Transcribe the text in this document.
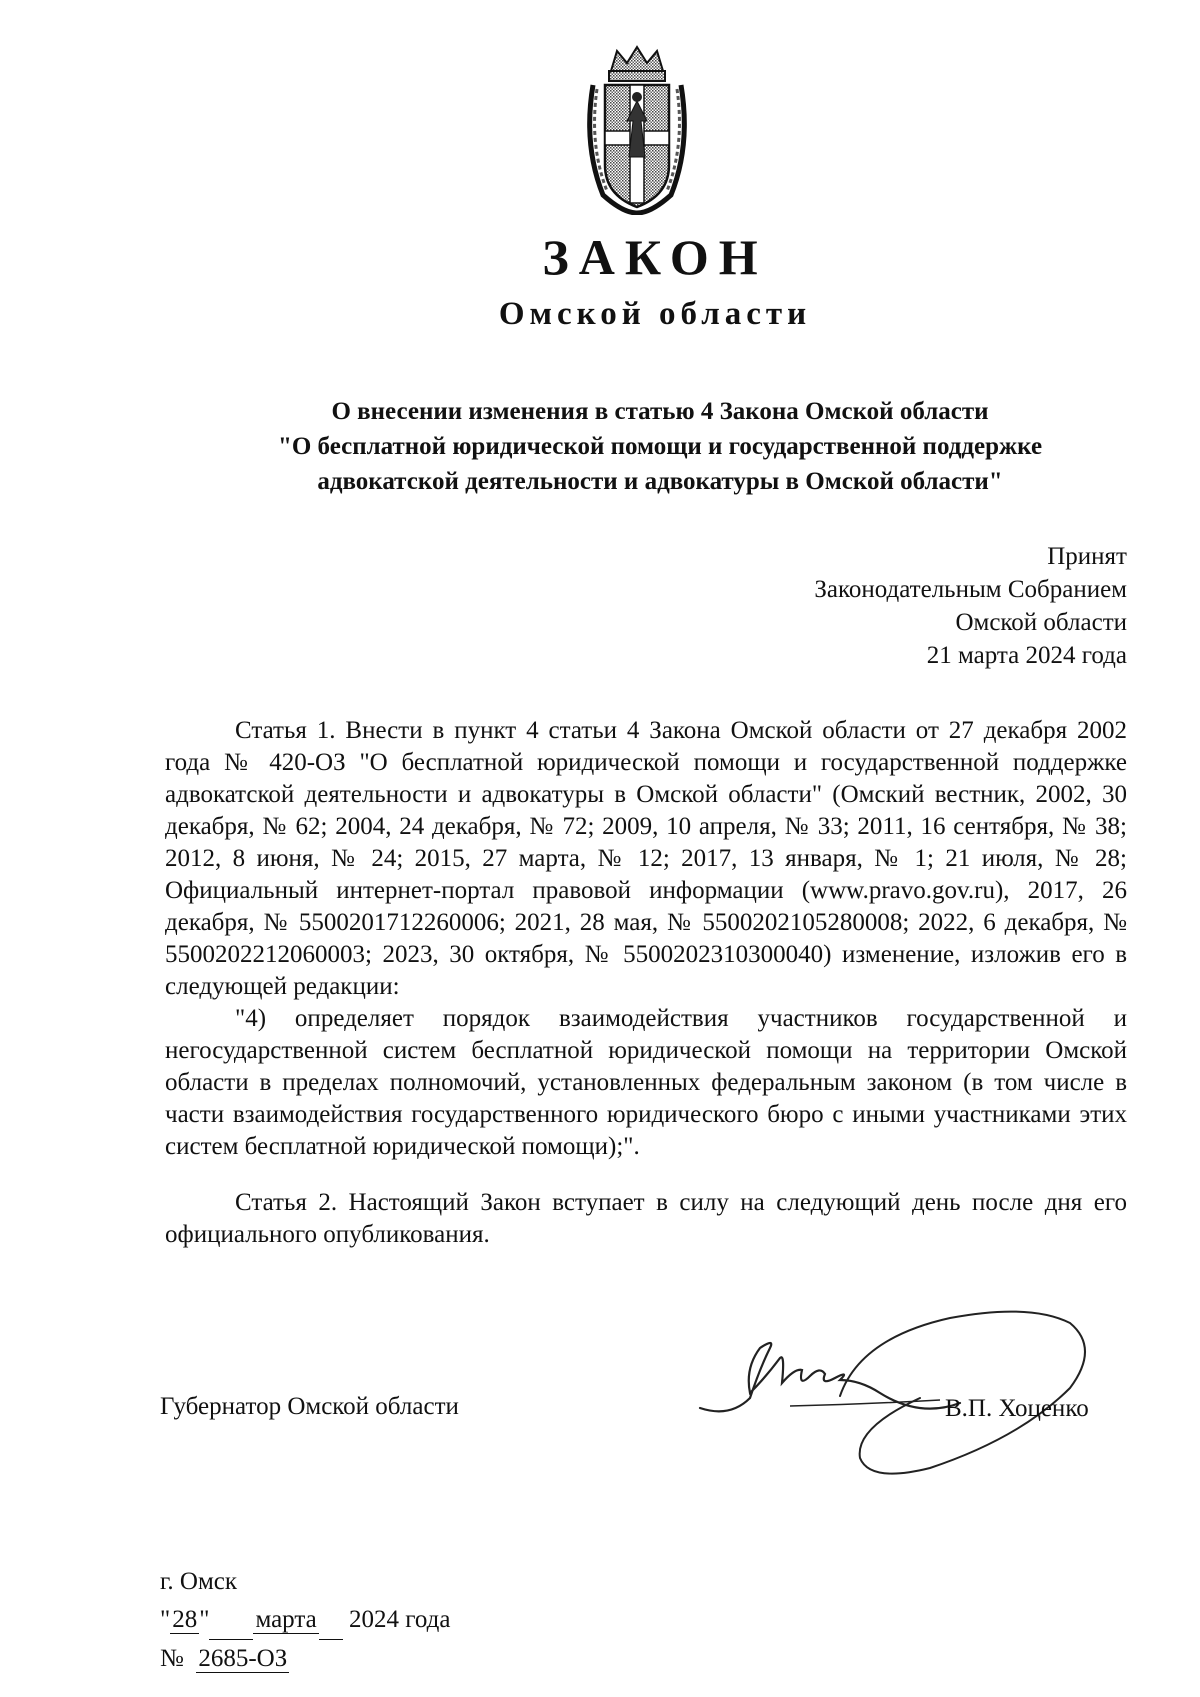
ЗАКОН
Омской области
О внесении изменения в статью 4 Закона Омской области
"О бесплатной юридической помощи и государственной поддержке
адвокатской деятельности и адвокатуры в Омской области"
Принят
Законодательным Собранием
Омской области
21 марта 2024 года

Статья 1. Внести в пункт 4 статьи 4 Закона Омской области от 27 декабря 2002 года № 420-ОЗ "О бесплатной юридической помощи и государственной поддержке адвокатской деятельности и адвокатуры в Омской области" (Омский вестник, 2002, 30 декабря, № 62; 2004, 24 декабря, № 72; 2009, 10 апреля, № 33; 2011, 16 сентября, № 38; 2012, 8 июня, № 24; 2015, 27 марта, № 12; 2017, 13 января, № 1; 21 июля, № 28; Официальный интернет-портал правовой информации (www.pravo.gov.ru), 2017, 26 декабря, № 5500201712260006; 2021, 28 мая, № 5500202105280008; 2022, 6 декабря, № 5500202212060003; 2023, 30 октября, № 5500202310300040) изменение, изложив его в следующей редакции:

"4) определяет порядок взаимодействия участников государственной и негосударственной систем бесплатной юридической помощи на территории Омской области в пределах полномочий, установленных федеральным законом (в том числе в части взаимодействия государственного юридического бюро с иными участниками этих систем бесплатной юридической помощи);".

Статья 2. Настоящий Закон вступает в силу на следующий день после дня его официального опубликования.

Губернатор Омской области	В.П. Хоценко
г. Омск
"28" марта 2024 года
№ 2685-ОЗ
